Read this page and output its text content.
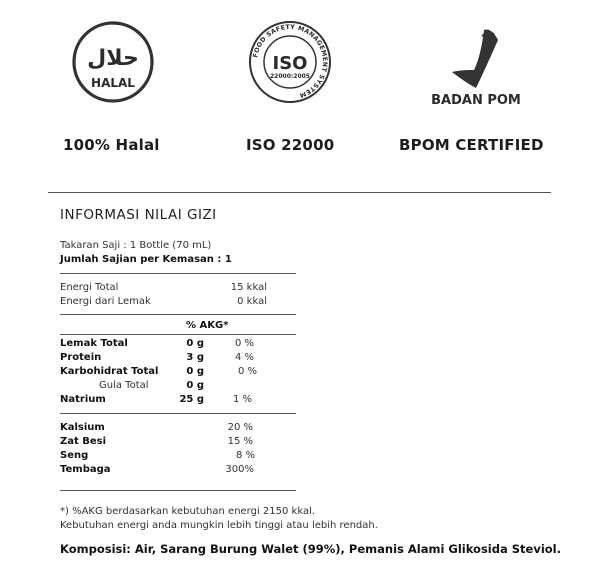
حلال
HALAL
100% Halal
FOOD SAFETY MANAGEMENT SYSTEM
ISO
22000:2005
ISO 22000
BADAN POM
BPOM CERTIFIED
INFORMASI NILAI GIZI
Takaran Saji : 1 Bottle (70 mL)
Jumlah Sajian per Kemasan : 1
Energi Total	15 kkal
Energi dari Lemak	0 kkal
% AKG*
Lemak Total	0 g	0 %
Protein	3 g	4 %
Karbohidrat Total	0 g	0 %
Gula Total	0 g
Natrium	25 g	1 %
Kalsium	20 %
Zat Besi	15 %
Seng	8 %
Tembaga	300%
*) %AKG berdasarkan kebutuhan energi 2150 kkal.
Kebutuhan energi anda mungkin lebih tinggi atau lebih rendah.
Komposisi: Air, Sarang Burung Walet (99%), Pemanis Alami Glikosida Steviol.
